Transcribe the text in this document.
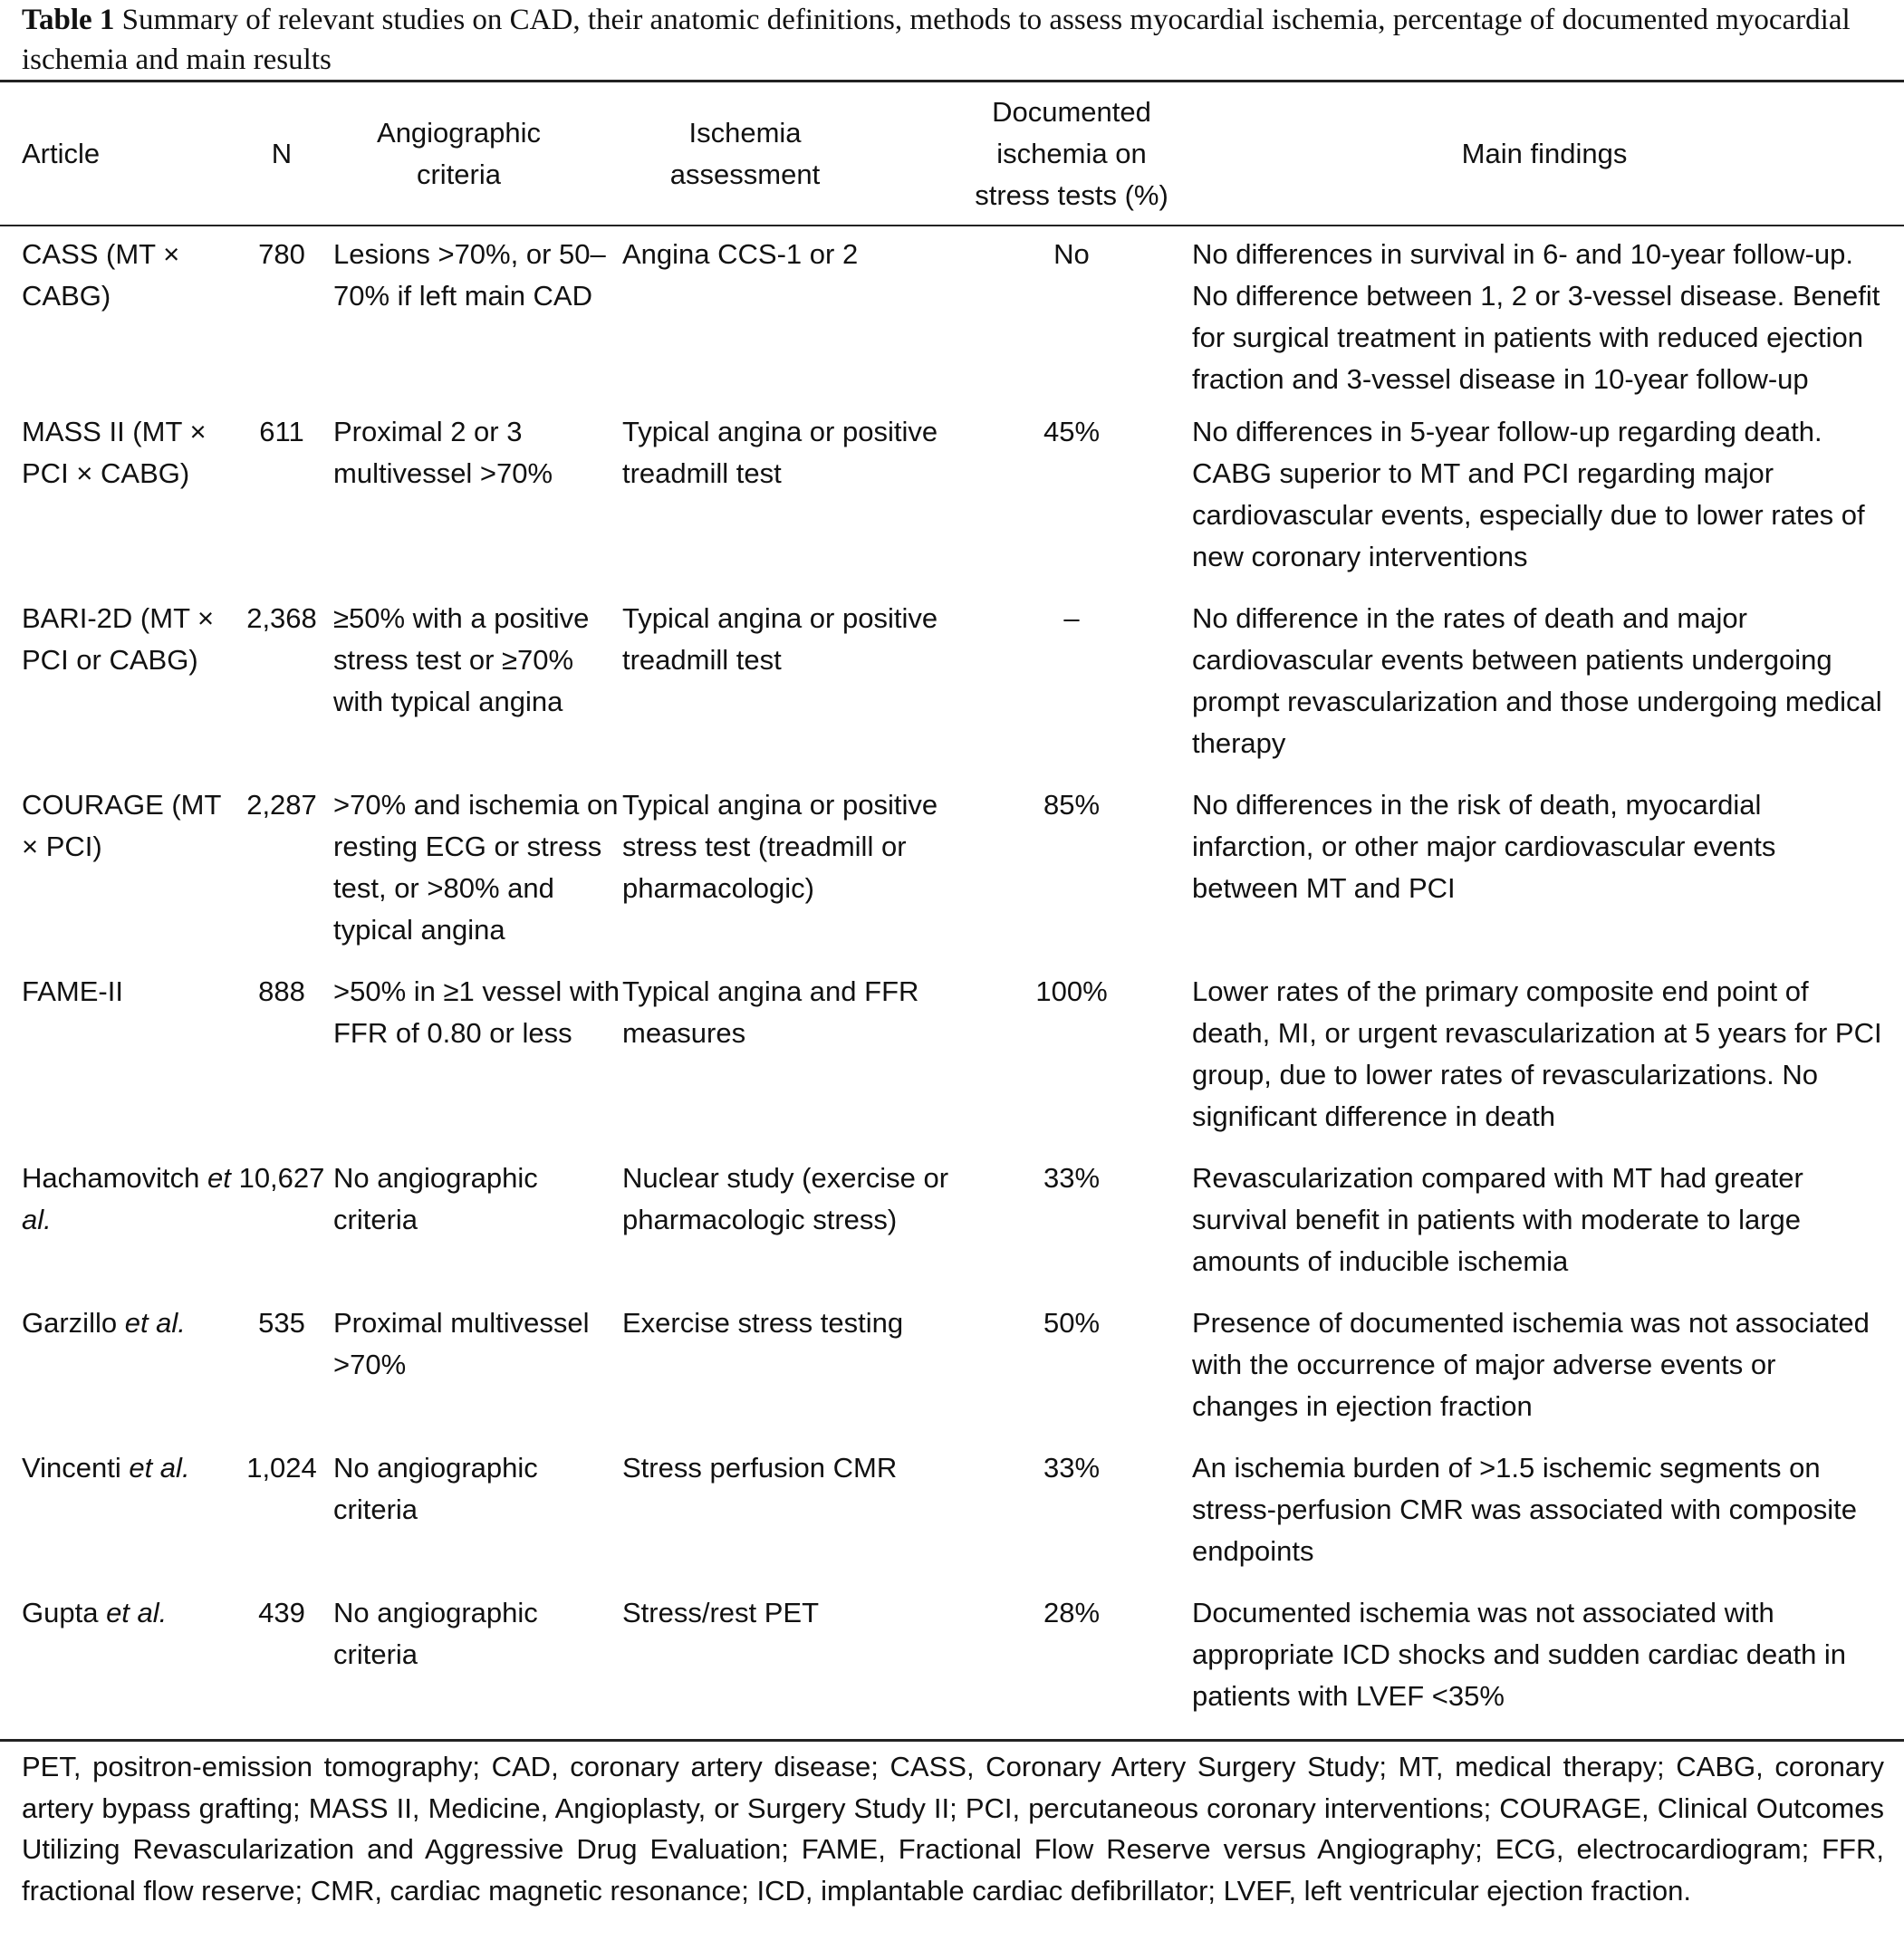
Table 1 Summary of relevant studies on CAD, their anatomic definitions, methods to assess myocardial ischemia, percentage of documented myocardial ischemia and main results
Article	N	Angiographic criteria	Ischemia assessment	Documented ischemia on stress tests (%)	Main findings
CASS (MT × CABG)	780	Lesions >70%, or 50–70% if left main CAD	Angina CCS-1 or 2	No	No differences in survival in 6- and 10-year follow-up. No difference between 1, 2 or 3-vessel disease. Benefit for surgical treatment in patients with reduced ejection fraction and 3-vessel disease in 10-year follow-up
MASS II (MT × PCI × CABG)	611	Proximal 2 or 3 multivessel >70%	Typical angina or positive treadmill test	45%	No differences in 5-year follow-up regarding death. CABG superior to MT and PCI regarding major cardiovascular events, especially due to lower rates of new coronary interventions
BARI-2D (MT × PCI or CABG)	2,368	≥50% with a positive stress test or ≥70% with typical angina	Typical angina or positive treadmill test	–	No difference in the rates of death and major cardiovascular events between patients undergoing prompt revascularization and those undergoing medical therapy
COURAGE (MT × PCI)	2,287	>70% and ischemia on resting ECG or stress test, or >80% and typical angina	Typical angina or positive stress test (treadmill or pharmacologic)	85%	No differences in the risk of death, myocardial infarction, or other major cardiovascular events between MT and PCI
FAME-II	888	>50% in ≥1 vessel with FFR of 0.80 or less	Typical angina and FFR measures	100%	Lower rates of the primary composite end point of death, MI, or urgent revascularization at 5 years for PCI group, due to lower rates of revascularizations. No significant difference in death
Hachamovitch et al.	10,627	No angiographic criteria	Nuclear study (exercise or pharmacologic stress)	33%	Revascularization compared with MT had greater survival benefit in patients with moderate to large amounts of inducible ischemia
Garzillo et al.	535	Proximal multivessel >70%	Exercise stress testing	50%	Presence of documented ischemia was not associated with the occurrence of major adverse events or changes in ejection fraction
Vincenti et al.	1,024	No angiographic criteria	Stress perfusion CMR	33%	An ischemia burden of >1.5 ischemic segments on stress-perfusion CMR was associated with composite endpoints
Gupta et al.	439	No angiographic criteria	Stress/rest PET	28%	Documented ischemia was not associated with appropriate ICD shocks and sudden cardiac death in patients with LVEF <35%
PET, positron-emission tomography; CAD, coronary artery disease; CASS, Coronary Artery Surgery Study; MT, medical therapy; CABG, coronary artery bypass grafting; MASS II, Medicine, Angioplasty, or Surgery Study II; PCI, percutaneous coronary interventions; COURAGE, Clinical Outcomes Utilizing Revascularization and Aggressive Drug Evaluation; FAME, Fractional Flow Reserve versus Angiography; ECG, electrocardiogram; FFR, fractional flow reserve; CMR, cardiac magnetic resonance; ICD, implantable cardiac defibrillator; LVEF, left ventricular ejection fraction.
